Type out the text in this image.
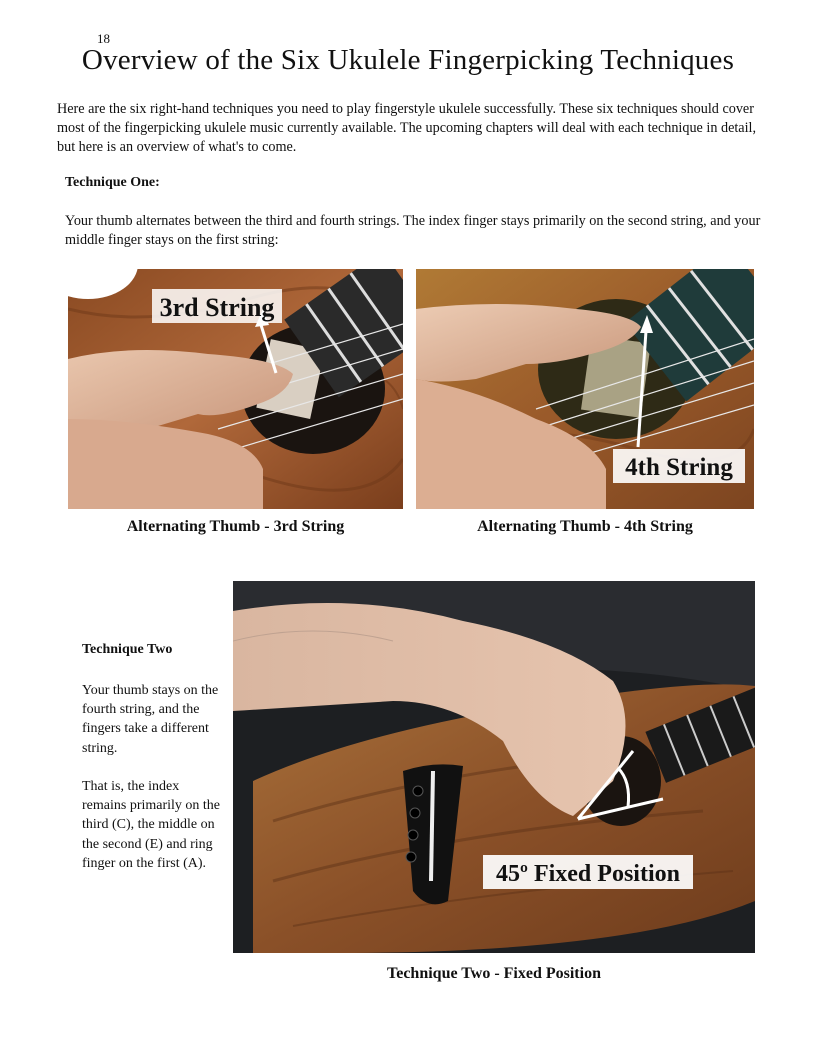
18
Overview of the Six Ukulele Fingerpicking Techniques

Here are the six right-hand techniques you need to play fingerstyle ukulele successfully. These six techniques should cover most of the fingerpicking ukulele music currently available. The upcoming chapters will deal with each technique in detail, but here is an overview of what's to come.

Technique One:

Your thumb alternates between the third and fourth strings. The index finger stays primarily on the second string, and your middle finger stays on the first string:

3rd String
4th String
Alternating Thumb - 3rd String	Alternating Thumb - 4th String
Technique Two

Your thumb stays on the fourth string, and the fingers take a different string.

That is, the index remains primarily on the third (C), the middle on the second (E) and ring finger on the first (A).	45º Fixed Position
Technique Two - Fixed Position
